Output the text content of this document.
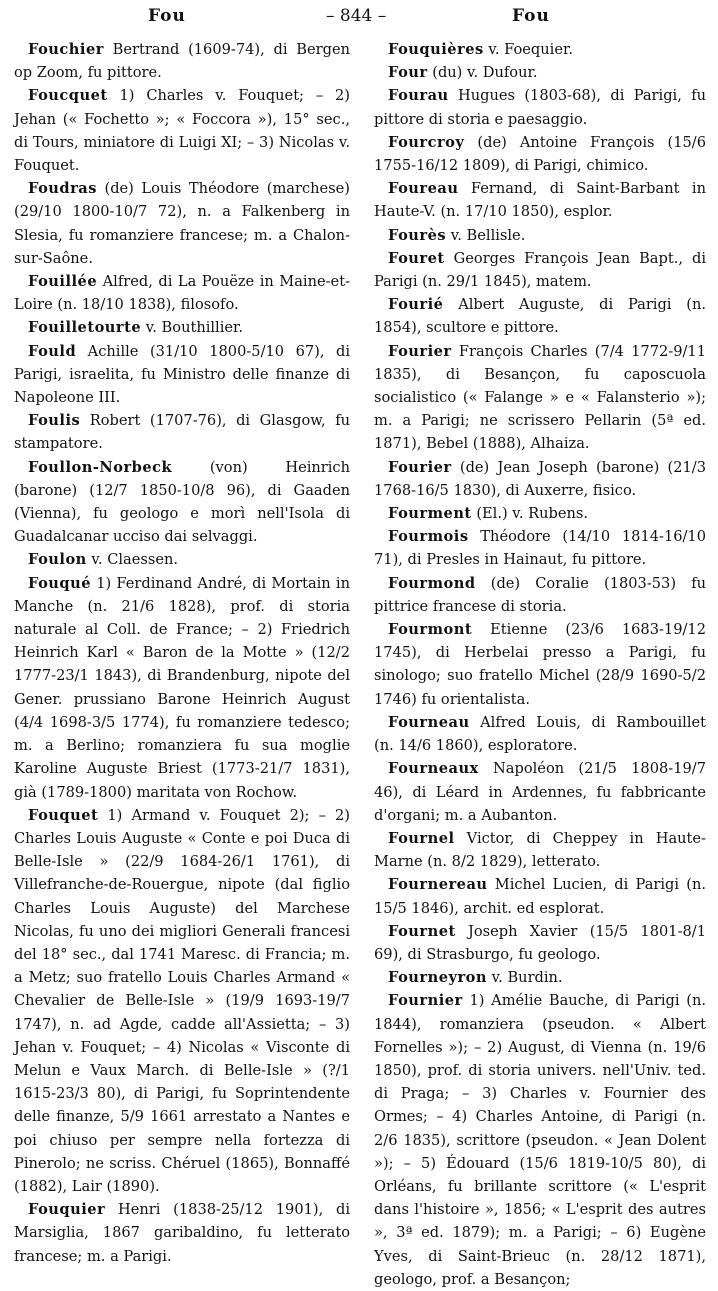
Fou	– 844 –	Fou

Fouchier Bertrand (1609-74), di Bergen op Zoom, fu pittore.

Foucquet 1) Charles v. Fouquet; – 2) Jehan (« Fochetto »; « Foccora »), 15° sec., di Tours, miniatore di Luigi XI; – 3) Nicolas v. Fouquet.

Foudras (de) Louis Théodore (marchese) (29/10 1800-10/7 72), n. a Falkenberg in Slesia, fu romanziere francese; m. a Chalon-sur-Saône.

Fouillée Alfred, di La Pouëze in Maine-et-Loire (n. 18/10 1838), filosofo.

Fouilletourte v. Bouthillier.

Fould Achille (31/10 1800-5/10 67), di Parigi, israelita, fu Ministro delle finanze di Napoleone III.

Foulis Robert (1707-76), di Glasgow, fu stampatore.

Foullon-Norbeck (von) Heinrich (barone) (12/7 1850-10/8 96), di Gaaden (Vienna), fu geologo e morì nell'Isola di Guadalcanar ucciso dai selvaggi.

Foulon v. Claessen.

Fouqué 1) Ferdinand André, di Mortain in Manche (n. 21/6 1828), prof. di storia naturale al Coll. de France; – 2) Friedrich Heinrich Karl « Baron de la Motte » (12/2 1777-23/1 1843), di Brandenburg, nipote del Gener. prussiano Barone Heinrich August (4/4 1698-3/5 1774), fu romanziere tedesco; m. a Berlino; romanziera fu sua moglie Karoline Auguste Briest (1773-21/7 1831), già (1789-1800) maritata von Rochow.

Fouquet 1) Armand v. Fouquet 2); – 2) Charles Louis Auguste « Conte e poi Duca di Belle-Isle » (22/9 1684-26/1 1761), di Villefranche-de-Rouergue, nipote (dal figlio Charles Louis Auguste) del Marchese Nicolas, fu uno dei migliori Generali francesi del 18° sec., dal 1741 Maresc. di Francia; m. a Metz; suo fratello Louis Charles Armand « Chevalier de Belle-Isle » (19/9 1693-19/7 1747), n. ad Agde, cadde all'Assietta; – 3) Jehan v. Fouquet; – 4) Nicolas « Visconte di Melun e Vaux March. di Belle-Isle » (?/1 1615-23/3 80), di Parigi, fu Soprintendente delle finanze, 5/9 1661 arrestato a Nantes e poi chiuso per sempre nella fortezza di Pinerolo; ne scriss. Chéruel (1865), Bonnaffé (1882), Lair (1890).

Fouquier Henri (1838-25/12 1901), di Marsiglia, 1867 garibaldino, fu letterato francese; m. a Parigi.

Fouquières v. Foequier.

Four (du) v. Dufour.

Fourau Hugues (1803-68), di Parigi, fu pittore di storia e paesaggio.

Fourcroy (de) Antoine François (15/6 1755-16/12 1809), di Parigi, chimico.

Foureau Fernand, di Saint-Barbant in Haute-V. (n. 17/10 1850), esplor.

Fourès v. Bellisle.

Fouret Georges François Jean Bapt., di Parigi (n. 29/1 1845), matem.

Fourié Albert Auguste, di Parigi (n. 1854), scultore e pittore.

Fourier François Charles (7/4 1772-9/11 1835), di Besançon, fu caposcuola socialistico (« Falange » e « Falansterio »); m. a Parigi; ne scrissero Pellarin (5ª ed. 1871), Bebel (1888), Alhaiza.

Fourier (de) Jean Joseph (barone) (21/3 1768-16/5 1830), di Auxerre, fisico.

Fourment (El.) v. Rubens.

Fourmois Théodore (14/10 1814-16/10 71), di Presles in Hainaut, fu pittore.

Fourmond (de) Coralie (1803-53) fu pittrice francese di storia.

Fourmont Etienne (23/6 1683-19/12 1745), di Herbelai presso a Parigi, fu sinologo; suo fratello Michel (28/9 1690-5/2 1746) fu orientalista.

Fourneau Alfred Louis, di Rambouillet (n. 14/6 1860), esploratore.

Fourneaux Napoléon (21/5 1808-19/7 46), di Léard in Ardennes, fu fabbricante d'organi; m. a Aubanton.

Fournel Victor, di Cheppey in Haute-Marne (n. 8/2 1829), letterato.

Fournereau Michel Lucien, di Parigi (n. 15/5 1846), archit. ed esplorat.

Fournet Joseph Xavier (15/5 1801-8/1 69), di Strasburgo, fu geologo.

Fourneyron v. Burdin.

Fournier 1) Amélie Bauche, di Parigi (n. 1844), romanziera (pseudon. « Albert Fornelles »); – 2) August, di Vienna (n. 19/6 1850), prof. di storia univers. nell'Univ. ted. di Praga; – 3) Charles v. Fournier des Ormes; – 4) Charles Antoine, di Parigi (n. 2/6 1835), scrittore (pseudon. « Jean Dolent »); – 5) Édouard (15/6 1819-10/5 80), di Orléans, fu brillante scrittore (« L'esprit dans l'histoire », 1856; « L'esprit des autres », 3ª ed. 1879); m. a Parigi; – 6) Eugène Yves, di Saint-Brieuc (n. 28/12 1871), geologo, prof. a Besançon;
